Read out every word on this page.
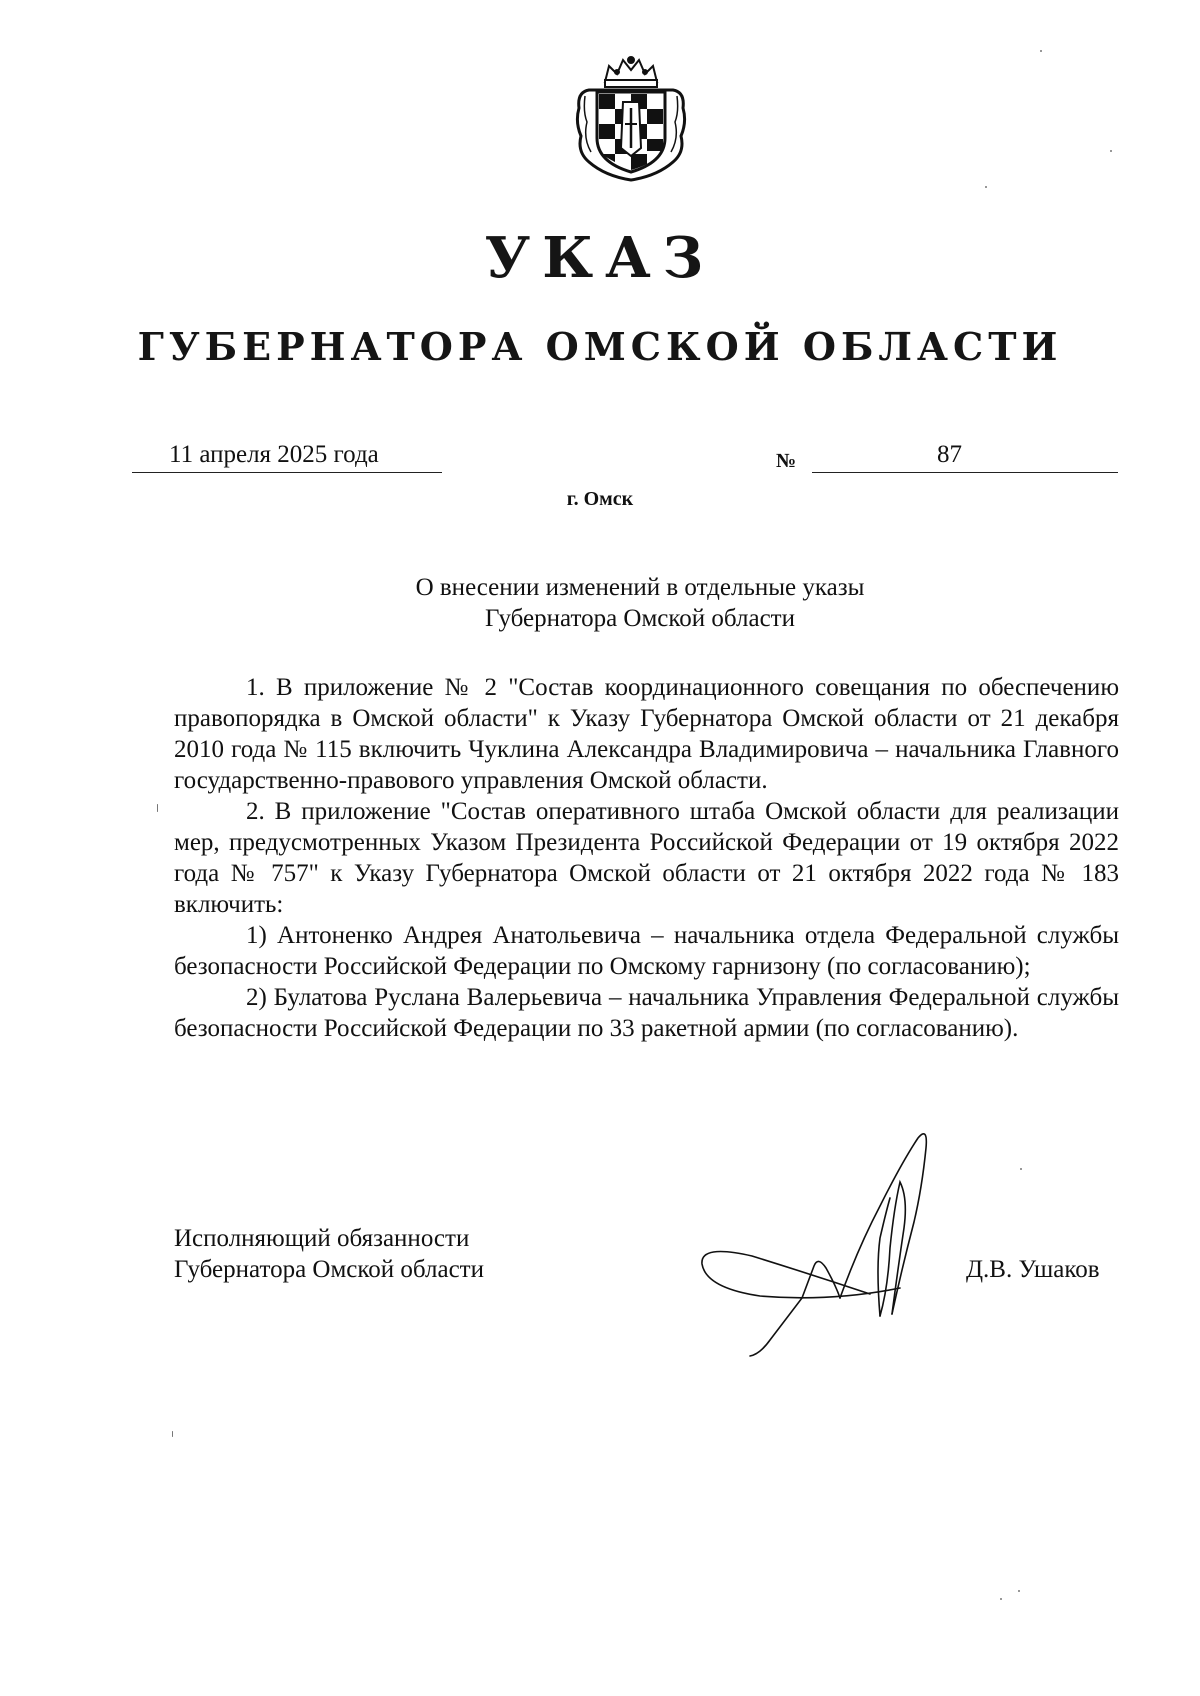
УКАЗ
ГУБЕРНАТОРА ОМСКОЙ ОБЛАСТИ
11 апреля 2025 года	№	87
г. Омск
О внесении изменений в отдельные указы
Губернатора Омской области

1. В приложение № 2 "Состав координационного совещания по обеспечению правопорядка в Омской области" к Указу Губернатора Омской области от 21 декабря 2010 года № 115 включить Чуклина Александра Владимировича – начальника Главного государственно-правового управления Омской области.

2. В приложение "Состав оперативного штаба Омской области для реализации мер, предусмотренных Указом Президента Российской Федерации от 19 октября 2022 года № 757" к Указу Губернатора Омской области от 21 октября 2022 года № 183 включить:

1) Антоненко Андрея Анатольевича – начальника отдела Федеральной службы безопасности Российской Федерации по Омскому гарнизону (по согласованию);

2) Булатова Руслана Валерьевича – начальника Управления Федеральной службы безопасности Российской Федерации по 33 ракетной армии (по согласованию).

Исполняющий обязанности
Губернатора Омской области	Д.В. Ушаков
